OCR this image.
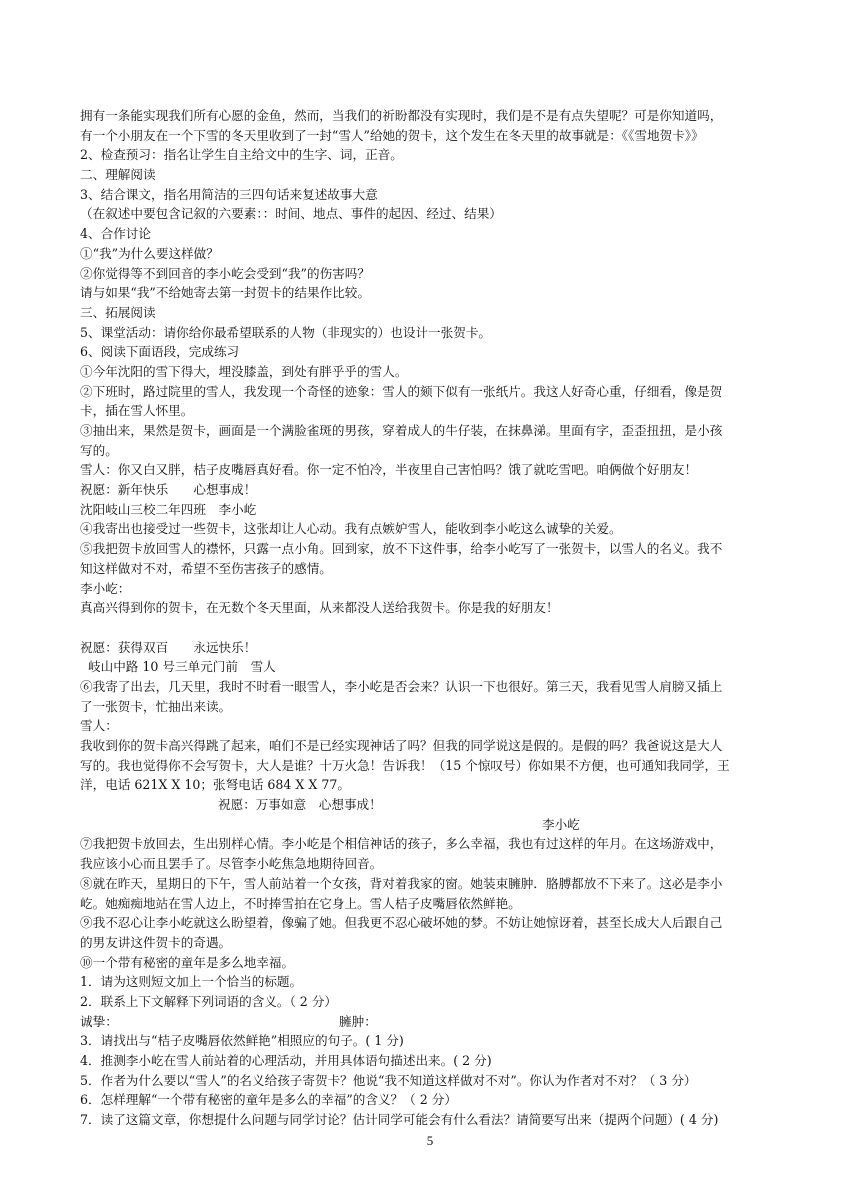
拥有一条能实现我们所有心愿的金鱼，然而，当我们的祈盼都没有实现时，我们是不是有点失望呢？可是你知道吗，
有一个小朋友在一个下雪的冬天里收到了一封“雪人”给她的贺卡，这个发生在冬天里的故事就是：《《雪地贺卡》》
2、检查预习：指名让学生自主给文中的生字、词，正音。
二、理解阅读
3、结合课文，指名用简洁的三四句话来复述故事大意
（在叙述中要包含记叙的六要素：：时间、地点、事件的起因、经过、结果）
4、合作讨论
①“我”为什么要这样做？
②你觉得等不到回音的李小屹会受到“我”的伤害吗？
请与如果“我”不给她寄去第一封贺卡的结果作比较。
三、拓展阅读
5、课堂活动：请你给你最希望联系的人物（非现实的）也设计一张贺卡。
6、阅读下面语段，完成练习
①今年沈阳的雪下得大，埋没膝盖，到处有胖乎乎的雪人。
②下班时，路过院里的雪人，我发现一个奇怪的迹象：雪人的颏下似有一张纸片。我这人好奇心重，仔细看，像是贺
卡，插在雪人怀里。
③抽出来，果然是贺卡，画面是一个满脸雀斑的男孩，穿着成人的牛仔装，在抹鼻涕。里面有字，歪歪扭扭，是小孩
写的。
雪人：你又白又胖，桔子皮嘴唇真好看。你一定不怕冷，半夜里自己害怕吗？饿了就吃雪吧。咱俩做个好朋友！
祝愿：新年快乐　　心想事成！
沈阳岐山三校二年四班　李小屹
④我寄出也接受过一些贺卡，这张却让人心动。我有点嫉妒雪人，能收到李小屹这么诚挚的关爱。
⑤我把贺卡放回雪人的襟怀，只露一点小角。回到家，放不下这件事，给李小屹写了一张贺卡，以雪人的名义。我不
知这样做对不对，希望不至伤害孩子的感情。
李小屹：
真高兴得到你的贺卡，在无数个冬天里面，从来都没人送给我贺卡。你是我的好朋友！
祝愿：获得双百　　永远快乐！
岐山中路 10 号三单元门前　雪人
⑥我寄了出去，几天里，我时不时看一眼雪人，李小屹是否会来？认识一下也很好。第三天，我看见雪人肩膀又插上
了一张贺卡，忙抽出来读。
雪人：
我收到你的贺卡高兴得跳了起来，咱们不是已经实现神话了吗？但我的同学说这是假的。是假的吗？我爸说这是大人
写的。我也觉得你不会写贺卡，大人是谁？十万火急！告诉我！（15 个惊叹号）你如果不方便，也可通知我同学，王
洋，电话 621X X 10；张弩电话 684 X X 77。
祝愿：万事如意　心想事成！
李小屹
⑦我把贺卡放回去，生出别样心情。李小屹是个相信神话的孩子，多么幸福，我也有过这样的年月。在这场游戏中，
我应该小心而且罢手了。尽管李小屹焦急地期待回音。
⑧就在昨天，星期日的下午，雪人前站着一个女孩，背对着我家的窗。她装束臃肿．胳膊都放不下来了。这必是李小
屹。她痴痴地站在雪人边上，不时捧雪拍在它身上。雪人桔子皮嘴唇依然鲜艳。
⑨我不忍心让李小屹就这么盼望着，像骗了她。但我更不忍心破坏她的梦。不妨让她惊讶着，甚至长成大人后跟自己
的男友讲这件贺卡的奇遇。
⑩一个带有秘密的童年是多么地幸福。
1．请为这则短文加上一个恰当的标题。
2．联系上下文解释下列词语的含义。（ 2 分）
诚挚：	臃肿：
3．请找出与“桔子皮嘴唇依然鲜艳”相照应的句子。( 1 分)
4．推测李小屹在雪人前站着的心理活动，并用具体语句描述出来。( 2 分)
5．作者为什么要以“雪人”的名义给孩子寄贺卡？他说“我不知道这样做对不对”。你认为作者对不对？（ 3 分）
6．怎样理解“一个带有秘密的童年是多么的幸福”的含义？（ 2 分）
7．读了这篇文章，你想提什么问题与同学讨论？估计同学可能会有什么看法？请简要写出来（提两个问题）( 4 分)
5
